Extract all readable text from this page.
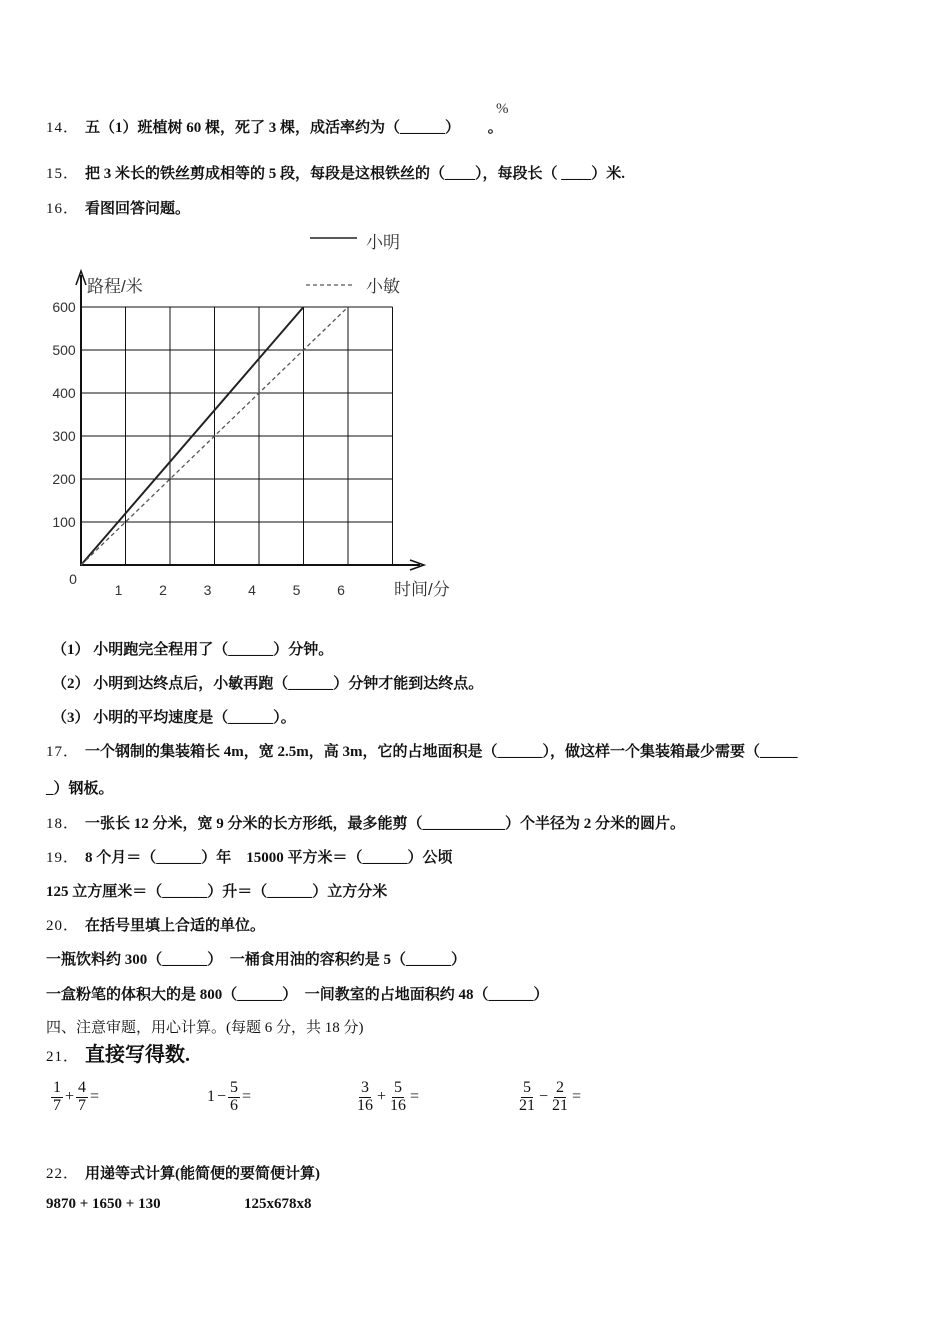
14． 五（1）班植树 60 棵，死了 3 棵，成活率约为（______） 。
%
15． 把 3 米长的铁丝剪成相等的 5 段，每段是这根铁丝的（____），每段长（ ____）米.
16． 看图回答问题。
1	2	3	4	5	6
100
200
300
400
500
600
0
路程/米
时间/分
小明
小敏
（1） 小明跑完全程用了（______）分钟。
（2） 小明到达终点后，小敏再跑（______）分钟才能到达终点。
（3） 小明的平均速度是（______）。
17． 一个钢制的集装箱长 4m，宽 2.5m，高 3m，它的占地面积是（______），做这样一个集装箱最少需要（_____
_）钢板。
18． 一张长 12 分米，宽 9 分米的长方形纸，最多能剪（___________）个半径为 2 分米的圆片。
19． 8 个月＝（______）年　15000 平方米＝（______）公顷
125 立方厘米＝（______）升＝（______）立方分米
20． 在括号里填上合适的单位。
一瓶饮料约 300（______）　一桶食用油的容积约是 5（______）
一盒粉笔的体积大的是 800（______）　一间教室的占地面积约 48（______）
四、注意审题，用心计算。(每题 6 分，共 18 分)
21． 直接写得数.
$\frac{1}{7} + \frac{4}{7}$ =	$1 - \frac{5}{6}$ =	$\frac{3}{16} + \frac{5}{16}$ =	$\frac{5}{21} - \frac{2}{21}$ =
22． 用递等式计算(能简便的要简便计算)
9870 + 1650 + 130	125x678x8
